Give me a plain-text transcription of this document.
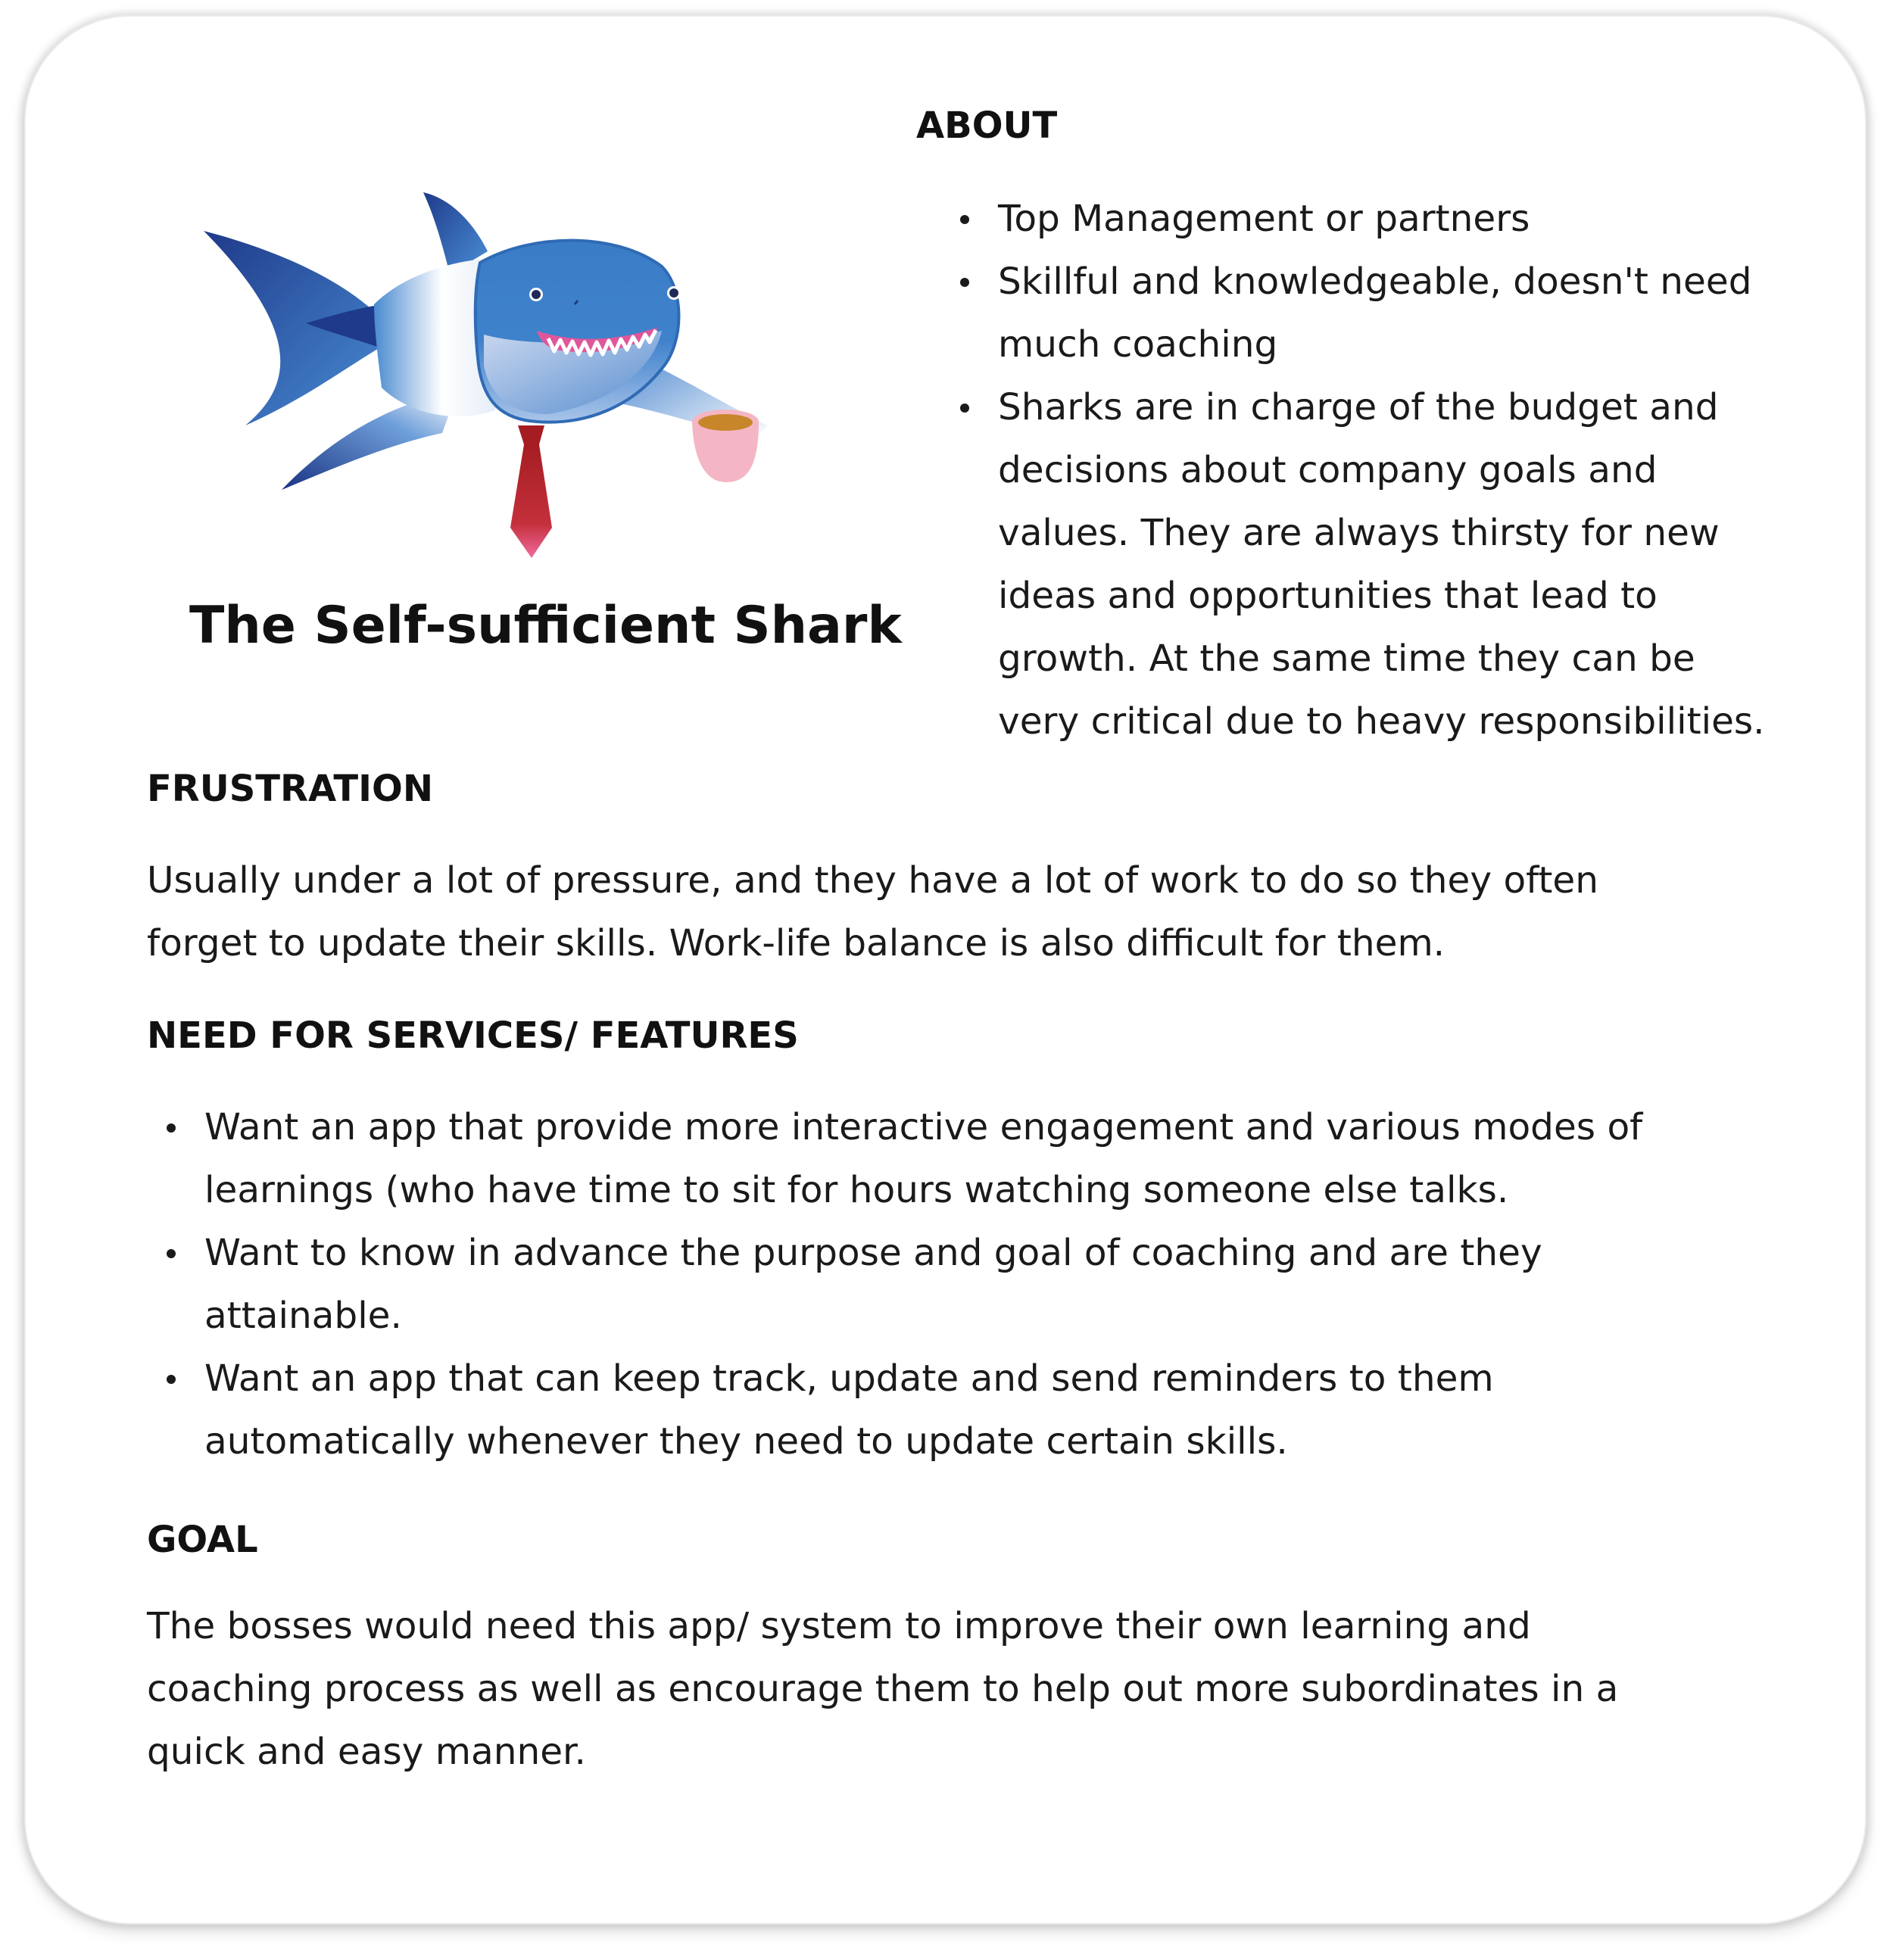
The Self-sufficient Shark
ABOUT
Top Management or partners
Skillful and knowledgeable, doesn't need
much coaching
Sharks are in charge of the budget and
decisions about company goals and
values. They are always thirsty for new
ideas and opportunities that lead to
growth. At the same time they can be
very critical due to heavy responsibilities.
FRUSTRATION
Usually under a lot of pressure, and they have a lot of work to do so they often
forget to update their skills. Work-life balance is also difficult for them.
NEED FOR SERVICES/ FEATURES
Want an app that provide more interactive engagement and various modes of
learnings (who have time to sit for hours watching someone else talks.
Want to know in advance the purpose and goal of coaching and are they
attainable.
Want an app that can keep track, update and send reminders to them
automatically whenever they need to update certain skills.
GOAL
The bosses would need this app/ system to improve their own learning and
coaching process as well as encourage them to help out more subordinates in a
quick and easy manner.
